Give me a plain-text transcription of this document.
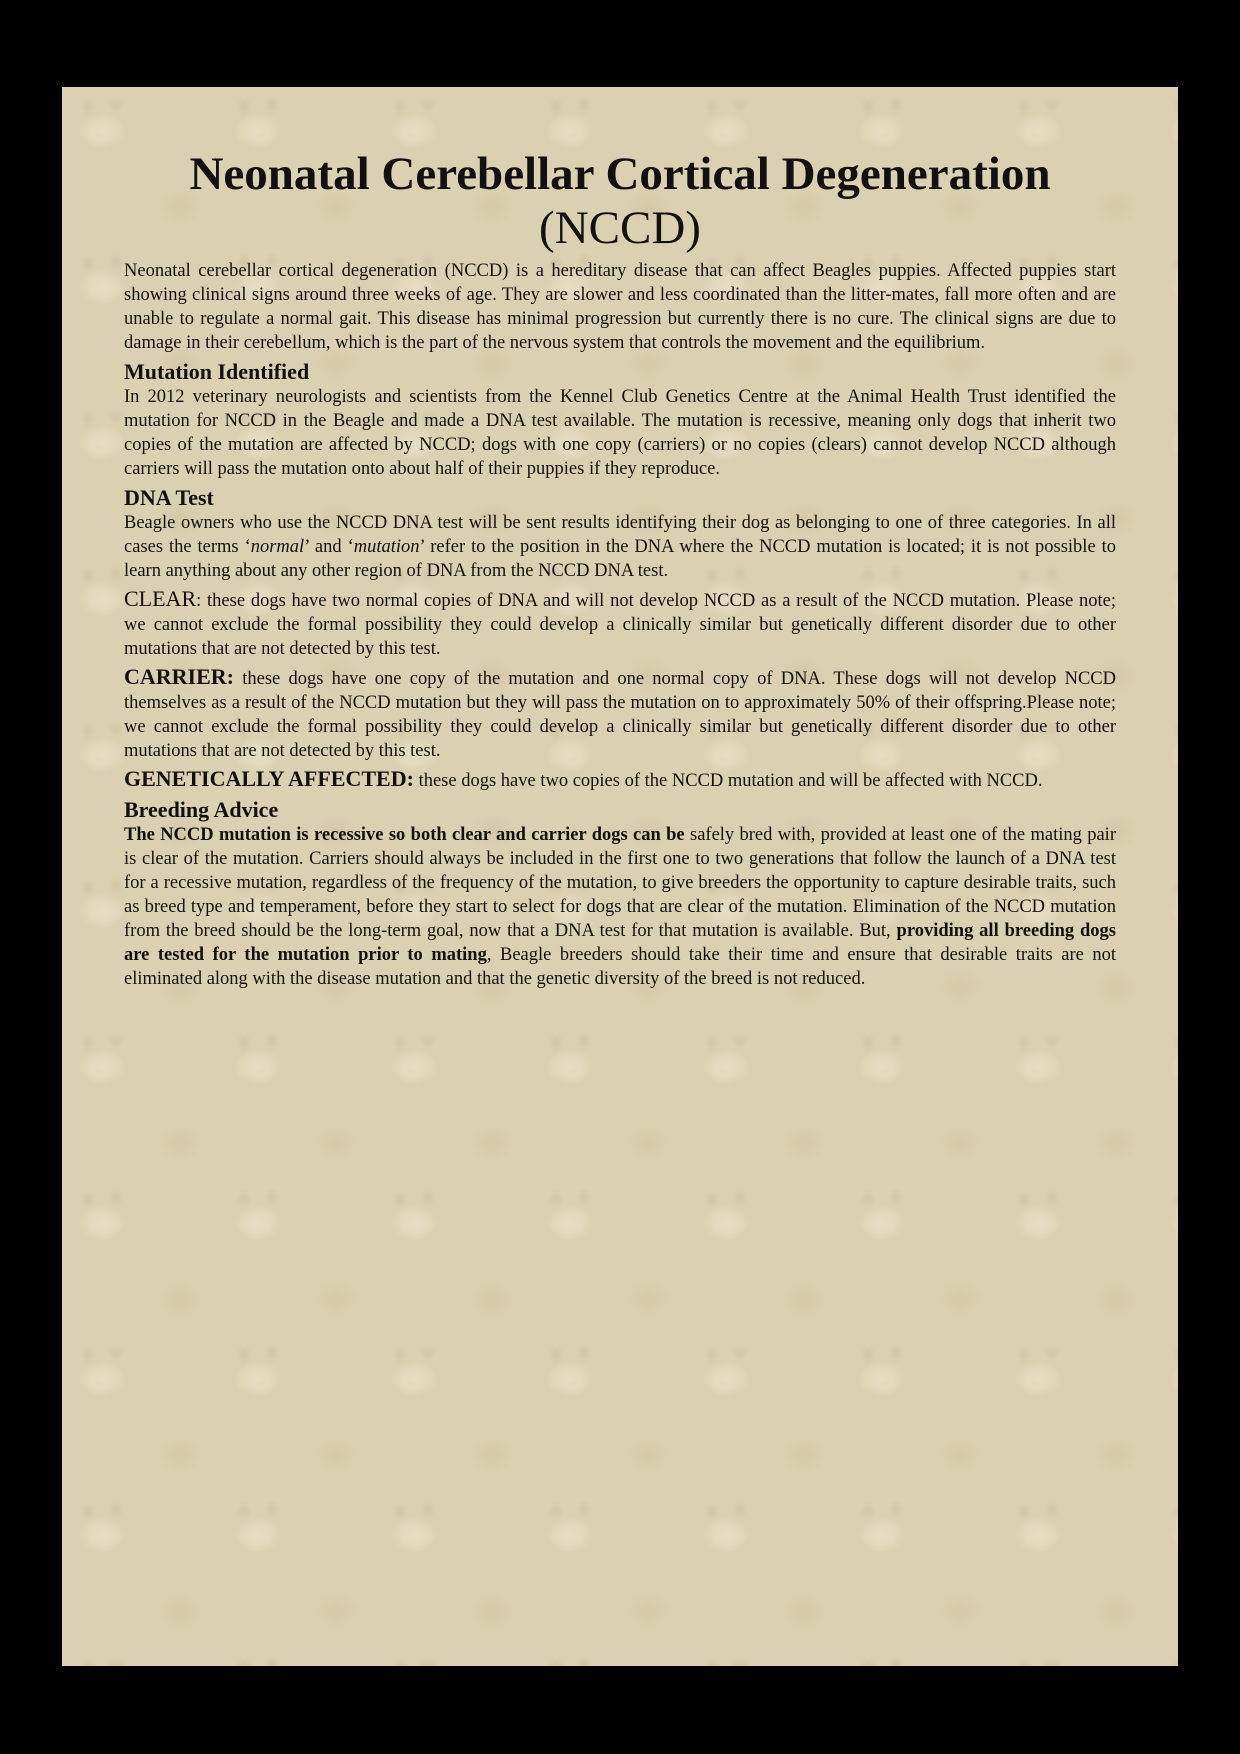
Neonatal Cerebellar Cortical Degeneration
(NCCD)

Neonatal cerebellar cortical degeneration (NCCD) is a hereditary disease that can affect Beagles puppies. Affected puppies start showing clinical signs around three weeks of age. They are slower and less coordinated than the litter-mates, fall more often and are unable to regulate a normal gait. This disease has minimal progression but currently there is no cure. The clinical signs are due to damage in their cerebellum, which is the part of the nervous system that controls the movement and the equilibrium.

Mutation Identified

In 2012 veterinary neurologists and scientists from the Kennel Club Genetics Centre at the Animal Health Trust identified the mutation for NCCD in the Beagle and made a DNA test available. The mutation is recessive, meaning only dogs that inherit two copies of the mutation are affected by NCCD; dogs with one copy (carriers) or no copies (clears) cannot develop NCCD although carriers will pass the mutation onto about half of their puppies if they reproduce.

DNA Test

Beagle owners who use the NCCD DNA test will be sent results identifying their dog as belonging to one of three categories. In all cases the terms ‘normal’ and ‘mutation’ refer to the position in the DNA where the NCCD mutation is located; it is not possible to learn anything about any other region of DNA from the NCCD DNA test.

CLEAR: these dogs have two normal copies of DNA and will not develop NCCD as a result of the NCCD mutation. Please note; we cannot exclude the formal possibility they could develop a clinically similar but genetically different disorder due to other mutations that are not detected by this test.

CARRIER: these dogs have one copy of the mutation and one normal copy of DNA. These dogs will not develop NCCD themselves as a result of the NCCD mutation but they will pass the mutation on to approximately 50% of their offspring.Please note; we cannot exclude the formal possibility they could develop a clinically similar but genetically different disorder due to other mutations that are not detected by this test.

GENETICALLY AFFECTED: these dogs have two copies of the NCCD mutation and will be affected with NCCD.

Breeding Advice

The NCCD mutation is recessive so both clear and carrier dogs can be safely bred with, provided at least one of the mating pair is clear of the mutation. Carriers should always be included in the first one to two generations that follow the launch of a DNA test for a recessive mutation, regardless of the frequency of the mutation, to give breeders the opportunity to capture desirable traits, such as breed type and temperament, before they start to select for dogs that are clear of the mutation. Elimination of the NCCD mutation from the breed should be the long-term goal, now that a DNA test for that mutation is available. But, providing all breeding dogs are tested for the mutation prior to mating, Beagle breeders should take their time and ensure that desirable traits are not eliminated along with the disease mutation and that the genetic diversity of the breed is not reduced.
